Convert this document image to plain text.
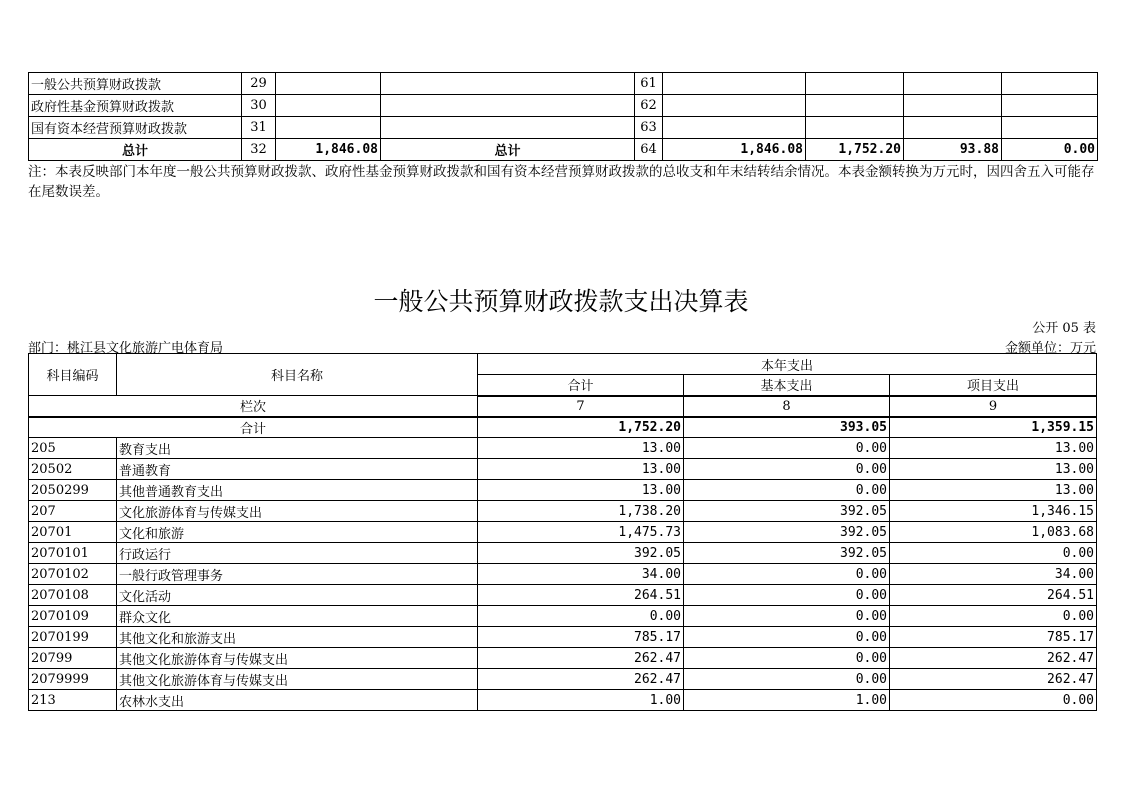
一般公共预算财政拨款	29			61				
政府性基金预算财政拨款	30			62				
国有资本经营预算财政拨款	31			63				
总计	32	1,846.08	总计	64	1,846.08	1,752.20	93.88	0.00
注：本表反映部门本年度一般公共预算财政拨款、政府性基金预算财政拨款和国有资本经营预算财政拨款的总收支和年末结转结余情况。本表金额转换为万元时，因四舍五入可能存在尾数误差。
一般公共预算财政拨款支出决算表
公开 05 表
部门：桃江县文化旅游广电体育局	金额单位：万元
科目编码	科目名称	本年支出		
		合计	基本支出	项目支出
栏次		7	8	9
合计		1,752.20	393.05	1,359.15
205	教育支出	13.00	0.00	13.00
20502	普通教育	13.00	0.00	13.00
2050299	其他普通教育支出	13.00	0.00	13.00
207	文化旅游体育与传媒支出	1,738.20	392.05	1,346.15
20701	文化和旅游	1,475.73	392.05	1,083.68
2070101	行政运行	392.05	392.05	0.00
2070102	一般行政管理事务	34.00	0.00	34.00
2070108	文化活动	264.51	0.00	264.51
2070109	群众文化	0.00	0.00	0.00
2070199	其他文化和旅游支出	785.17	0.00	785.17
20799	其他文化旅游体育与传媒支出	262.47	0.00	262.47
2079999	其他文化旅游体育与传媒支出	262.47	0.00	262.47
213	农林水支出	1.00	1.00	0.00
